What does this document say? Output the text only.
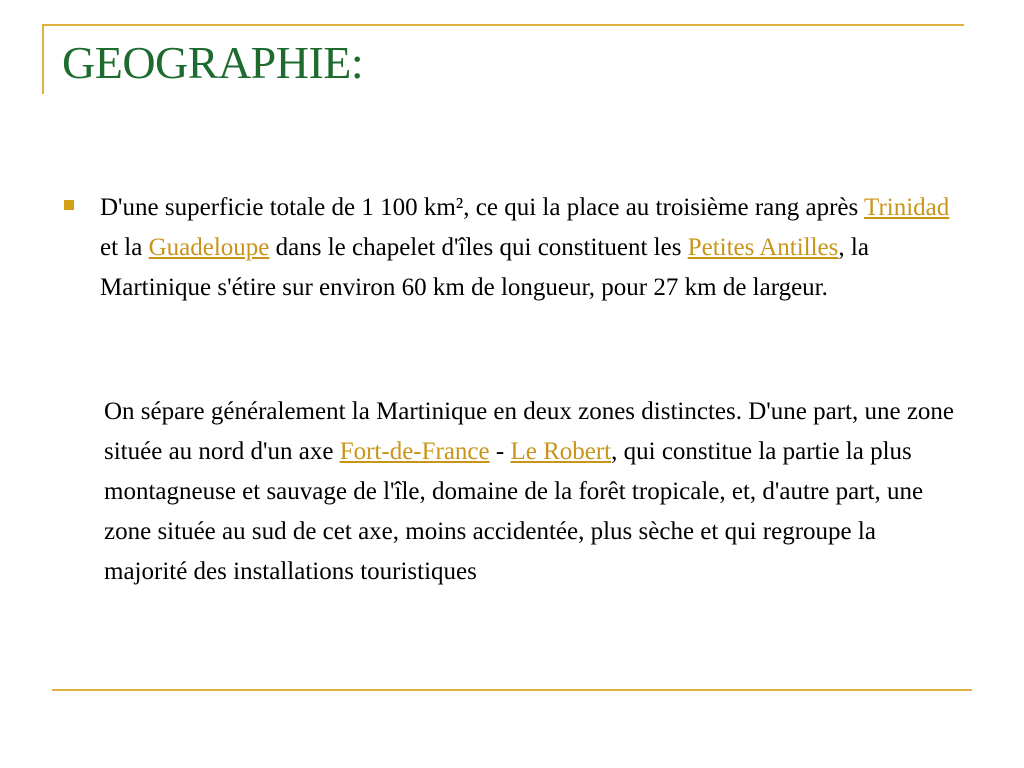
GEOGRAPHIE:

D'une superficie totale de 1 100 km², ce qui la place au troisième rang après Trinidad et la Guadeloupe dans le chapelet d'îles qui constituent les Petites Antilles, la Martinique s'étire sur environ 60 km de longueur, pour 27 km de largeur.

On sépare généralement la Martinique en deux zones distinctes. D'une part, une zone située au nord d'un axe Fort-de-France - Le Robert, qui constitue la partie la plus montagneuse et sauvage de l'île, domaine de la forêt tropicale, et, d'autre part, une zone située au sud de cet axe, moins accidentée, plus sèche et qui regroupe la majorité des installations touristiques
